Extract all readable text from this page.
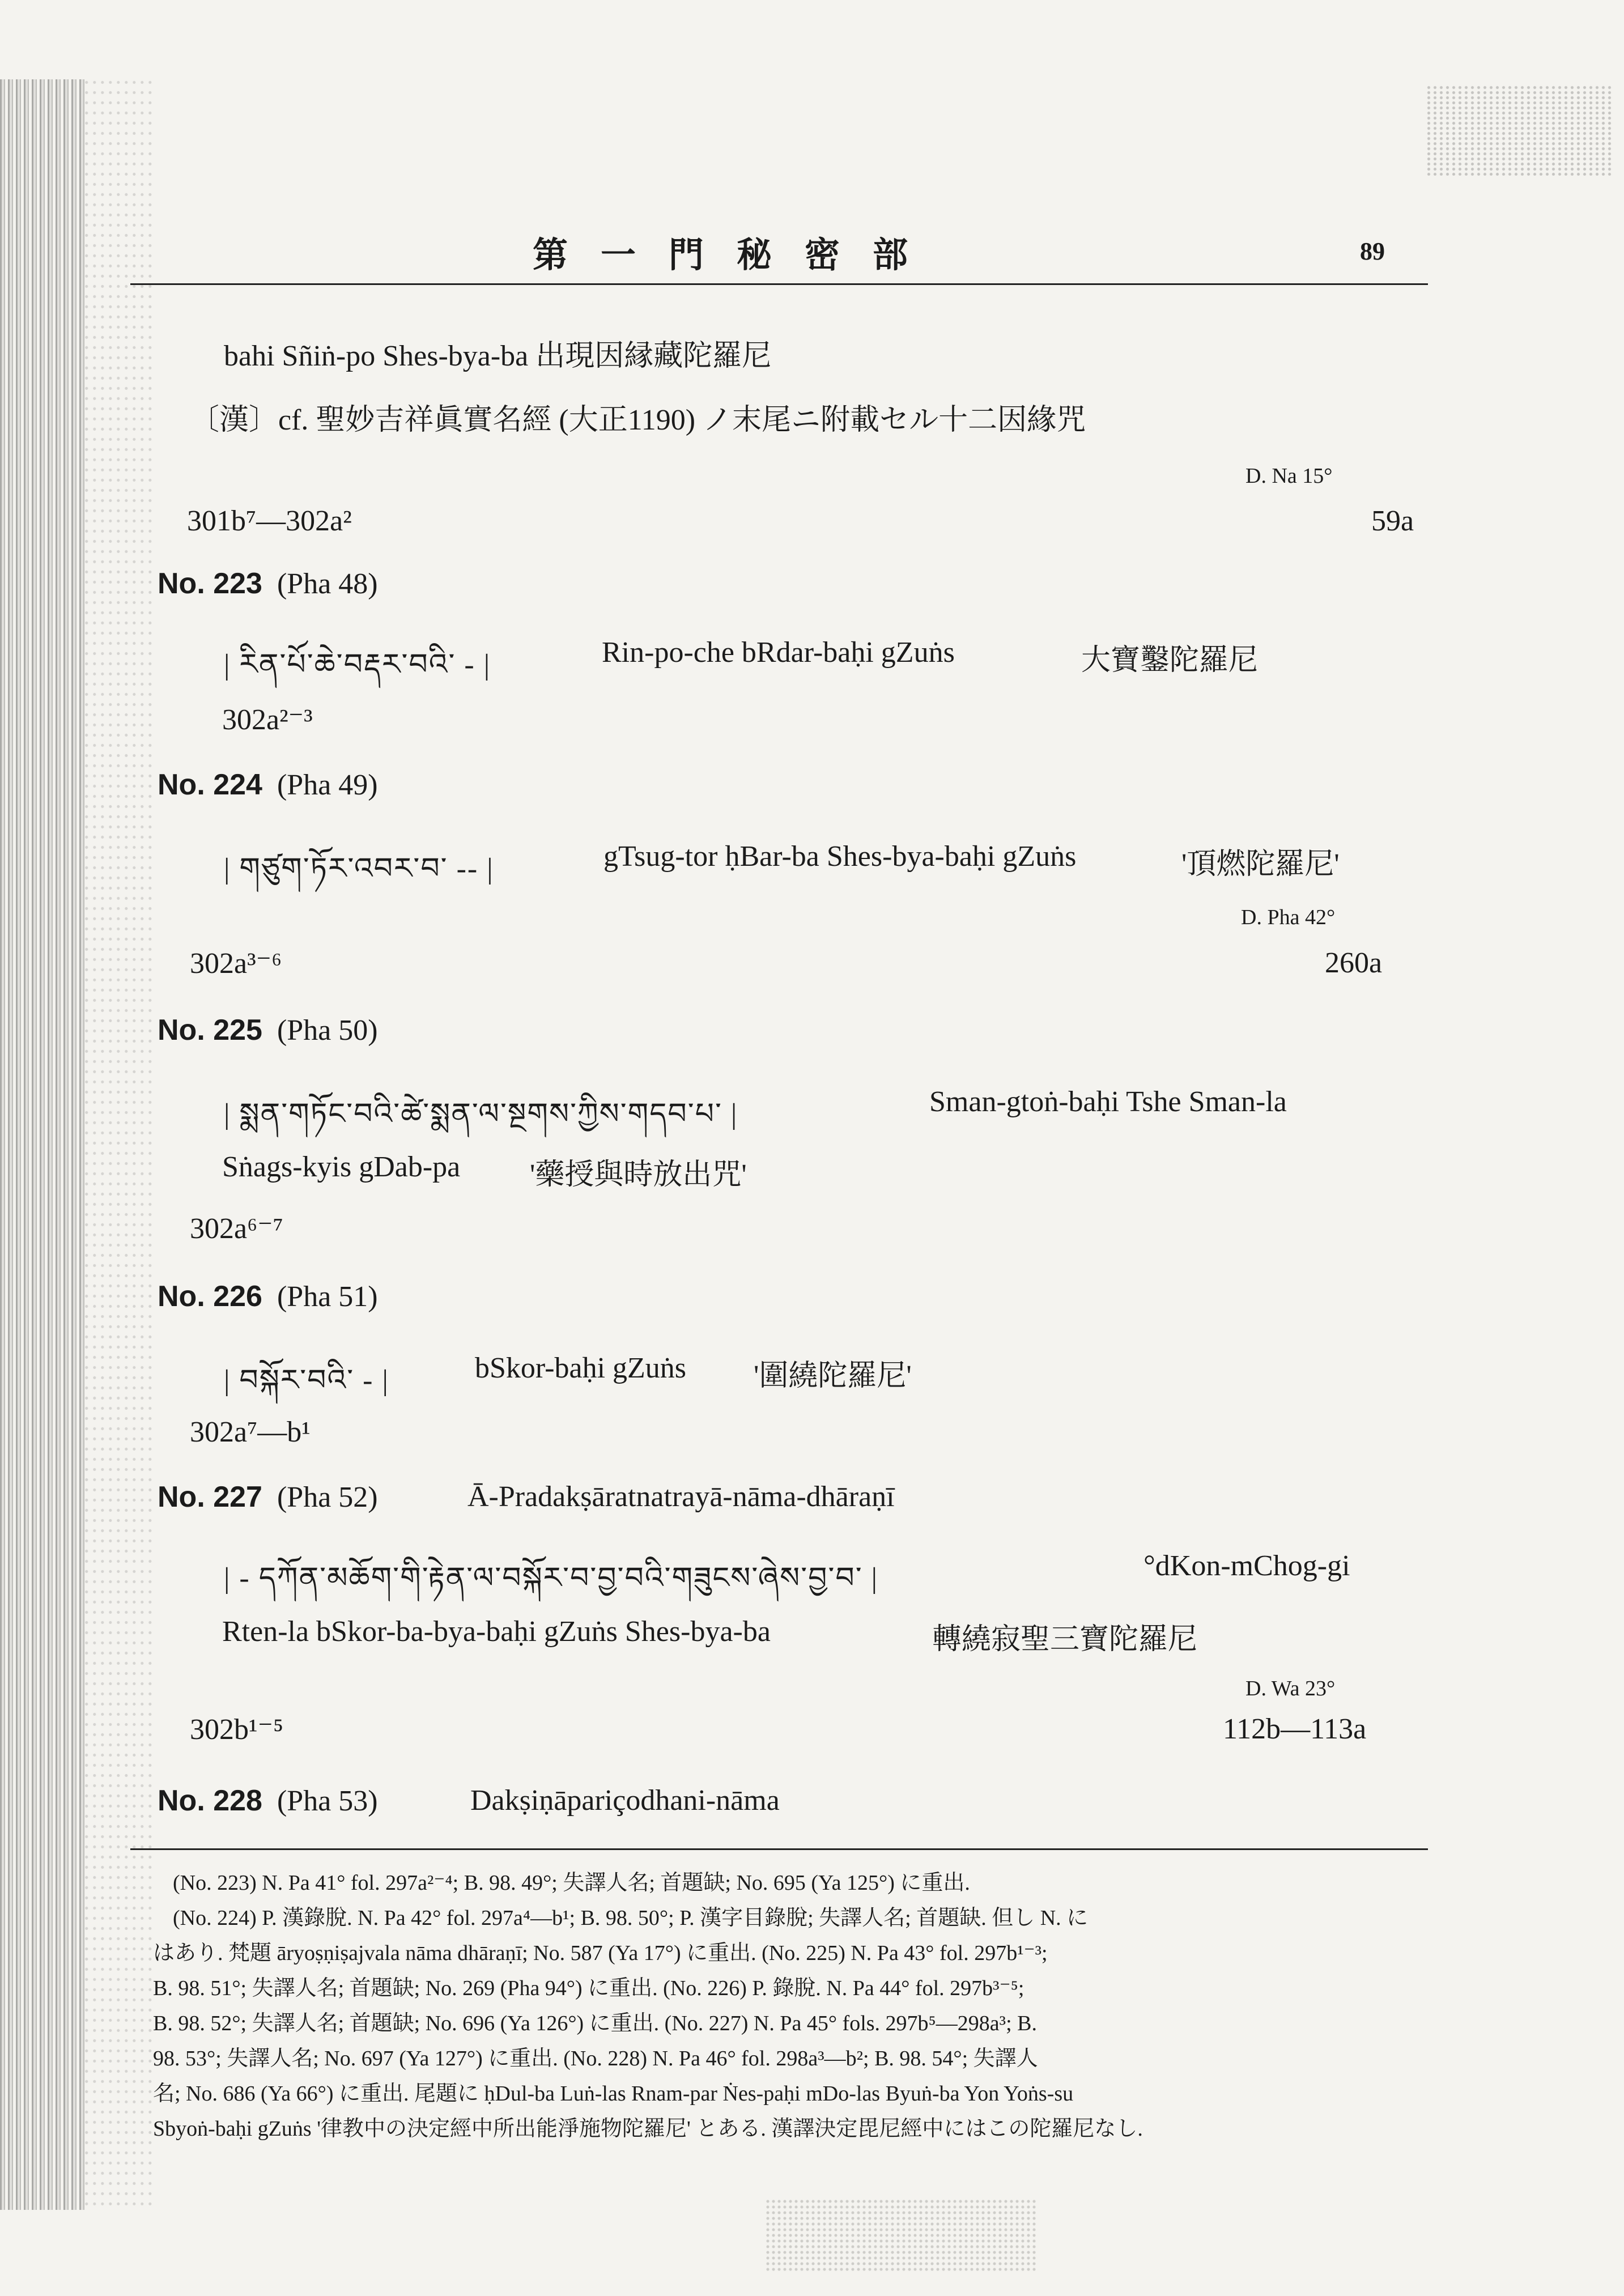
第一門秘密部	89
bahi Sñiṅ-po Shes-bya-ba 出現因縁藏陀羅尼
〔漢〕cf. 聖妙吉祥眞實名經 (大正1190) ノ末尾ニ附載セル十二因緣咒
D. Na 15°
301b⁷—302a²	59a
No. 223 (Pha 48)
| རིན་པོ་ཆེ་བརྡར་བའི་ - |	Rin-po-che bRdar-baḥi gZuṅs	大寶鑿陀羅尼
302a²⁻³
No. 224 (Pha 49)
| གཙུག་ཏོར་འབར་བ་ -- |	gTsug-tor ḥBar-ba Shes-bya-baḥi gZuṅs	'頂燃陀羅尼'
D. Pha 42°
302a³⁻⁶	260a
No. 225 (Pha 50)
| སྨན་གཏོང་བའི་ཚེ་སྨན་ལ་སྔགས་ཀྱིས་གདབ་པ་ |	Sman-gtoṅ-baḥi Tshe Sman-la
Sṅags-kyis gDab-pa '藥授與時放出咒'
302a⁶⁻⁷
No. 226 (Pha 51)
| བསྐོར་བའི་ - |	bSkor-baḥi gZuṅs '圍繞陀羅尼'
302a⁷—b¹
No. 227 (Pha 52)	Ā-Pradakṣāratnatrayā-nāma-dhāraṇī
| - དཀོན་མཆོག་གི་རྟེན་ལ་བསྐོར་བ་བྱ་བའི་གཟུངས་ཞེས་བྱ་བ་ |	°dKon-mChog-gi
Rten-la bSkor-ba-bya-baḥi gZuṅs Shes-bya-ba	轉繞寂聖三寶陀羅尼
D. Wa 23°
302b¹⁻⁵	112b—113a
No. 228 (Pha 53)	Dakṣiṇāpariçodhani-nāma
(No. 223) N. Pa 41° fol. 297a²⁻⁴; B. 98. 49°; 失譯人名; 首題缺; No. 695 (Ya 125°) に重出.
(No. 224) P. 漢錄脫. N. Pa 42° fol. 297a⁴—b¹; B. 98. 50°; P. 漢字目錄脫; 失譯人名; 首題缺. 但し N. に
はあり. 梵題 āryoṣṇiṣajvala nāma dhāraṇī; No. 587 (Ya 17°) に重出. (No. 225) N. Pa 43° fol. 297b¹⁻³;
B. 98. 51°; 失譯人名; 首題缺; No. 269 (Pha 94°) に重出. (No. 226) P. 錄脫. N. Pa 44° fol. 297b³⁻⁵;
B. 98. 52°; 失譯人名; 首題缺; No. 696 (Ya 126°) に重出. (No. 227) N. Pa 45° fols. 297b⁵—298a³; B.
98. 53°; 失譯人名; No. 697 (Ya 127°) に重出. (No. 228) N. Pa 46° fol. 298a³—b²; B. 98. 54°; 失譯人
名; No. 686 (Ya 66°) に重出. 尾題に ḥDul-ba Luṅ-las Rnam-par Ṅes-paḥi mDo-las Byuṅ-ba Yon Yoṅs-su
Sbyoṅ-baḥi gZuṅs '律教中の決定經中所出能淨施物陀羅尼' とある. 漢譯決定毘尼經中にはこの陀羅尼なし.
